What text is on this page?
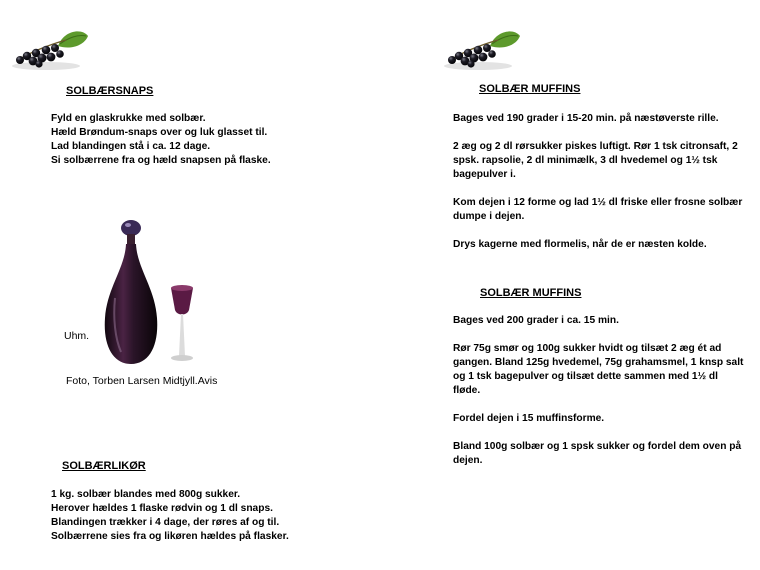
SOLBÆRSNAPS
Fyld en glaskrukke med solbær.
Hæld Brøndum-snaps over og luk glasset til.
Lad blandingen stå i ca. 12 dage.
Si solbærrene fra og hæld snapsen på flaske.
Uhm.
Foto, Torben Larsen Midtjyll.Avis
SOLBÆRLIKØR
1 kg. solbær blandes med 800g sukker.
Herover hældes 1 flaske rødvin og 1 dl snaps.
Blandingen trækker i 4 dage, der røres af og til.
Solbærrene sies fra og likøren hældes på flasker.
SOLBÆR MUFFINS
Bages ved 190 grader i 15-20 min. på næstøverste rille.
2 æg og 2 dl rørsukker piskes luftigt. Rør 1 tsk citronsaft, 2
spsk. rapsolie, 2 dl minimælk, 3 dl hvedemel og 1½ tsk
bagepulver i.
Kom dejen i 12 forme og lad 1½ dl friske eller frosne solbær
dumpe i dejen.
Drys kagerne med flormelis, når de er næsten kolde.
SOLBÆR MUFFINS
Bages ved 200 grader i ca. 15 min.
Rør 75g smør og 100g sukker hvidt og tilsæt 2 æg ét ad
gangen. Bland 125g hvedemel, 75g grahamsmel, 1 knsp salt
og 1 tsk bagepulver og tilsæt dette sammen med 1½ dl
fløde.
Fordel dejen i 15 muffinsforme.
Bland 100g solbær og 1 spsk sukker og fordel dem oven på
dejen.
